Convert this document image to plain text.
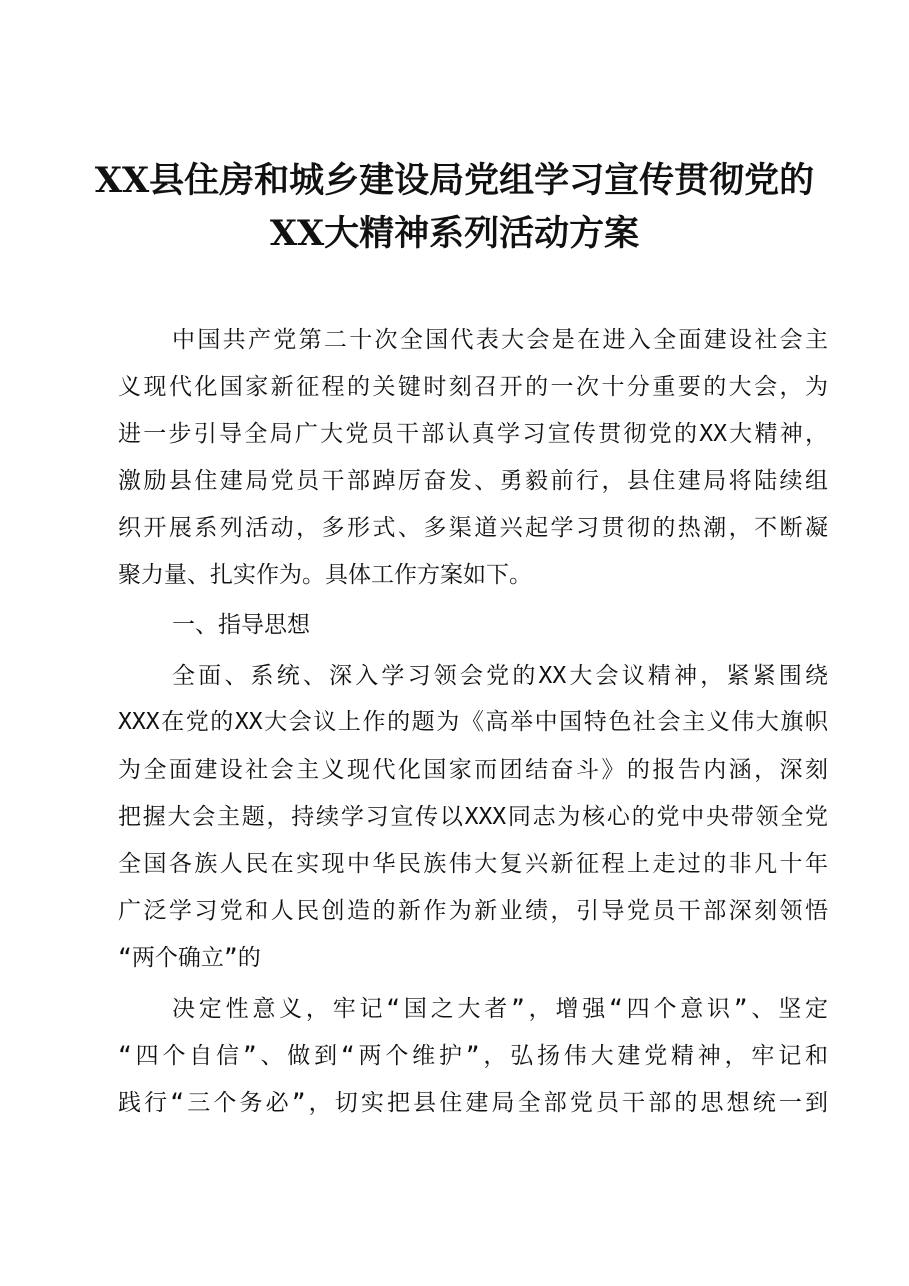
XX县住房和城乡建设局党组学习宣传贯彻党的
XX大精神系列活动方案
中国共产党第二十次全国代表大会是在进入全面建设社会主
义现代化国家新征程的关键时刻召开的一次十分重要的大会，为
进一步引导全局广大党员干部认真学习宣传贯彻党的XX大精神，
激励县住建局党员干部踔厉奋发、勇毅前行，县住建局将陆续组
织开展系列活动，多形式、多渠道兴起学习贯彻的热潮，不断凝
聚力量、扎实作为。具体工作方案如下。
一、指导思想
全面、系统、深入学习领会党的XX大会议精神，紧紧围绕
XXX在党的XX大会议上作的题为《高举中国特色社会主义伟大旗帜
为全面建设社会主义现代化国家而团结奋斗》的报告内涵，深刻
把握大会主题，持续学习宣传以XXX同志为核心的党中央带领全党
全国各族人民在实现中华民族伟大复兴新征程上走过的非凡十年
广泛学习党和人民创造的新作为新业绩，引导党员干部深刻领悟
“两个确立”的
决定性意义，牢记“国之大者”，增强“四个意识”、坚定
“四个自信”、做到“两个维护”，弘扬伟大建党精神，牢记和
践行“三个务必”，切实把县住建局全部党员干部的思想统一到
